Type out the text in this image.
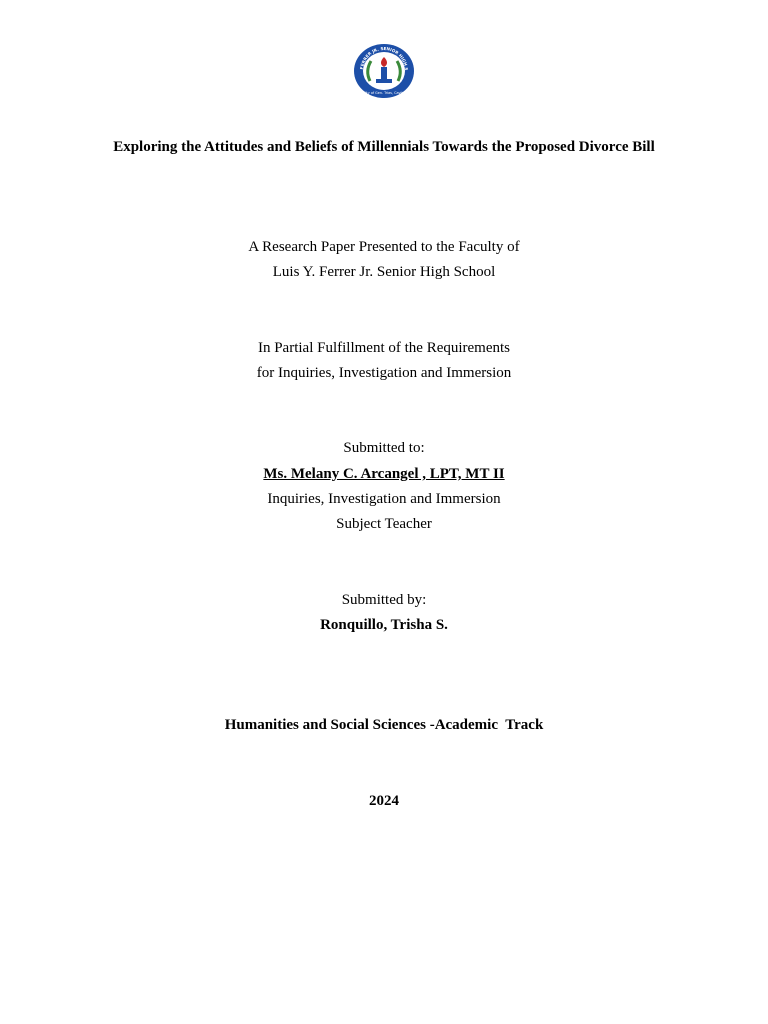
FERRER JR. SENIOR HIGH S
City of Gen. Trias, Cavite
Exploring the Attitudes and Beliefs of Millennials Towards the Proposed Divorce Bill
A Research Paper Presented to the Faculty of
Luis Y. Ferrer Jr. Senior High School
In Partial Fulfillment of the Requirements
for Inquiries, Investigation and Immersion
Submitted to:
Ms. Melany C. Arcangel , LPT, MT II
Inquiries, Investigation and Immersion
Subject Teacher
Submitted by:
Ronquillo, Trisha S.
Humanities and Social Sciences -Academic  Track
2024
